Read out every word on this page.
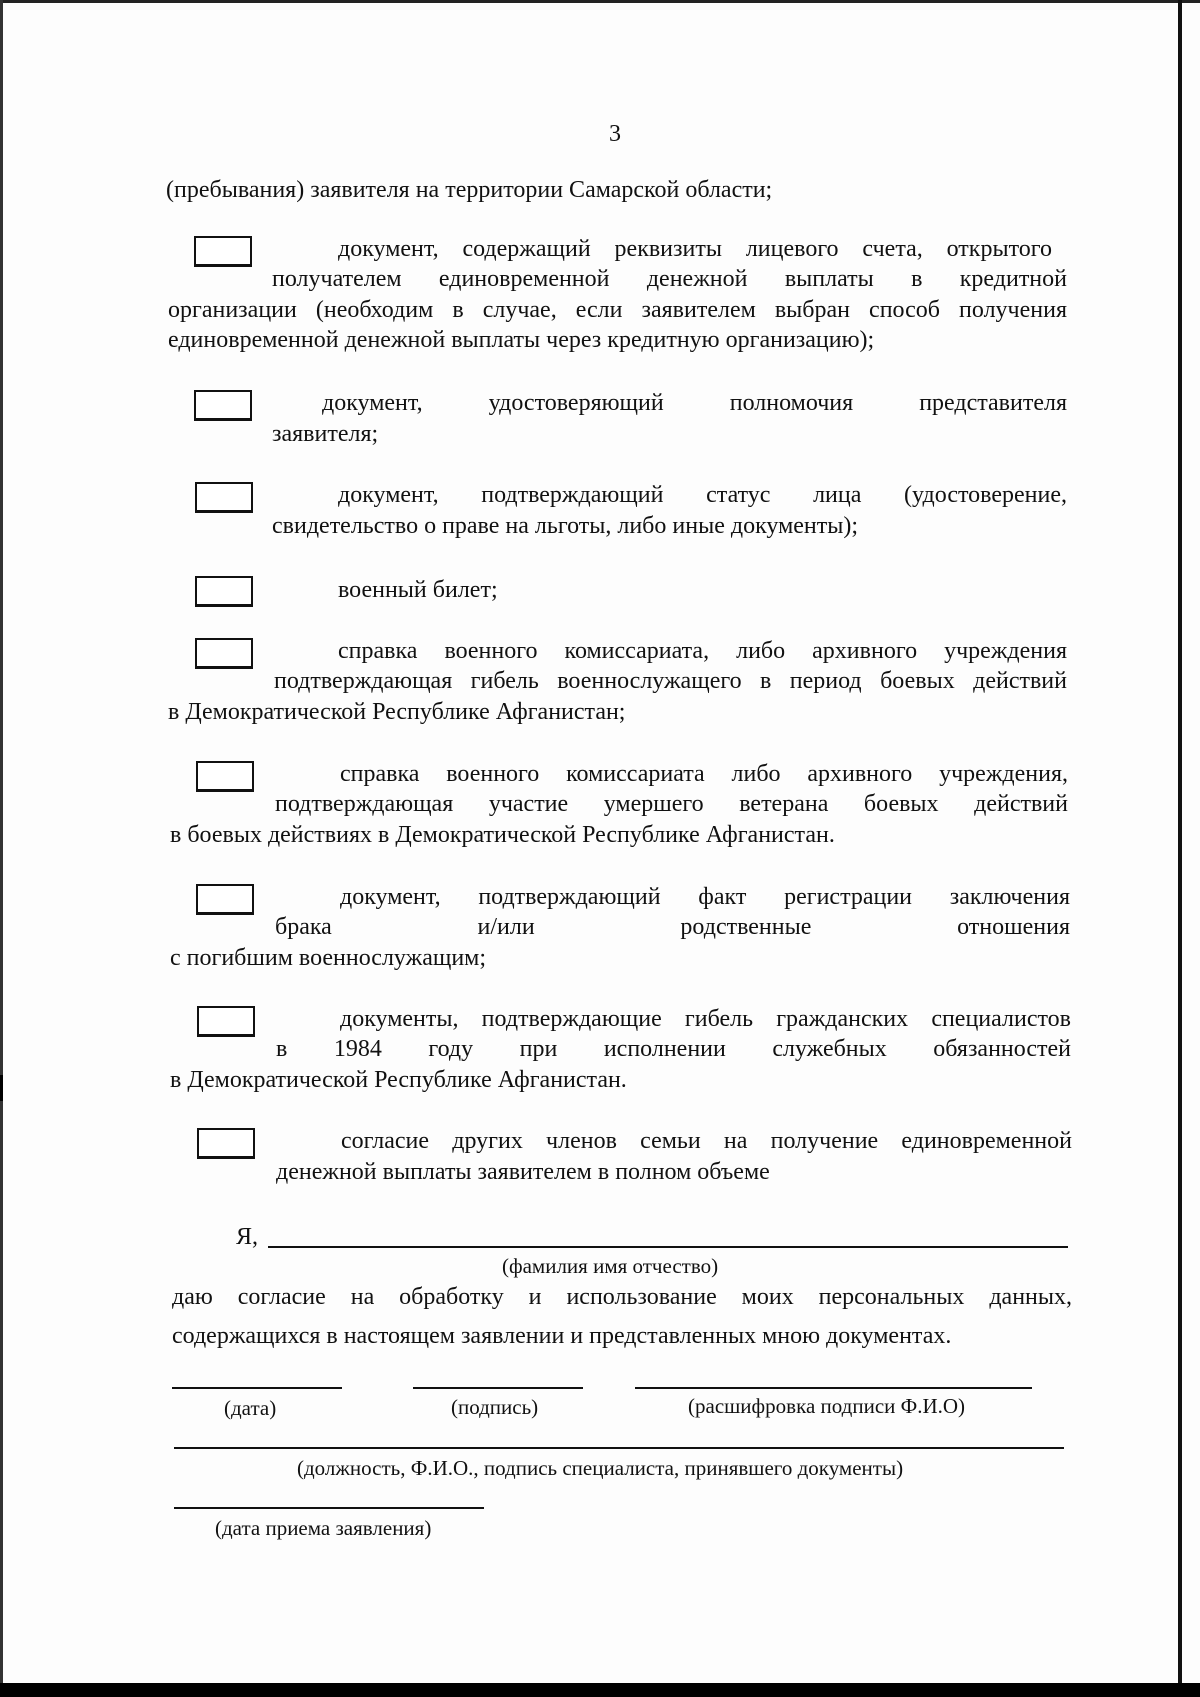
3
(пребывания) заявителя на территории Самарской области;
документ, содержащий реквизиты лицевого счета, открытого
получателем единовременной денежной выплаты в кредитной
организации (необходим в случае, если заявителем выбран способ получения
единовременной денежной выплаты через кредитную организацию);
документ, удостоверяющий полномочия представителя
заявителя;
документ, подтверждающий статус лица (удостоверение,
свидетельство о праве на льготы, либо иные документы);
военный билет;
справка военного комиссариата, либо архивного учреждения
подтверждающая гибель военнослужащего в период боевых действий
в Демократической Республике Афганистан;
справка военного комиссариата либо архивного учреждения,
подтверждающая участие умершего ветерана боевых действий
в боевых действиях в Демократической Республике Афганистан.
документ, подтверждающий факт регистрации заключения
брака и/или родственные отношения
с погибшим военнослужащим;
документы, подтверждающие гибель гражданских специалистов
в 1984 году при исполнении служебных обязанностей
в Демократической Республике Афганистан.
согласие других членов семьи на получение единовременной
денежной выплаты заявителем в полном объеме
Я,
(фамилия имя отчество)
даю согласие на обработку и использование моих персональных данных,
содержащихся в настоящем заявлении и представленных мною документах.
(дата)	(подпись)	(расшифровка подписи Ф.И.О)
(должность, Ф.И.О., подпись специалиста, принявшего документы)
(дата приема заявления)
